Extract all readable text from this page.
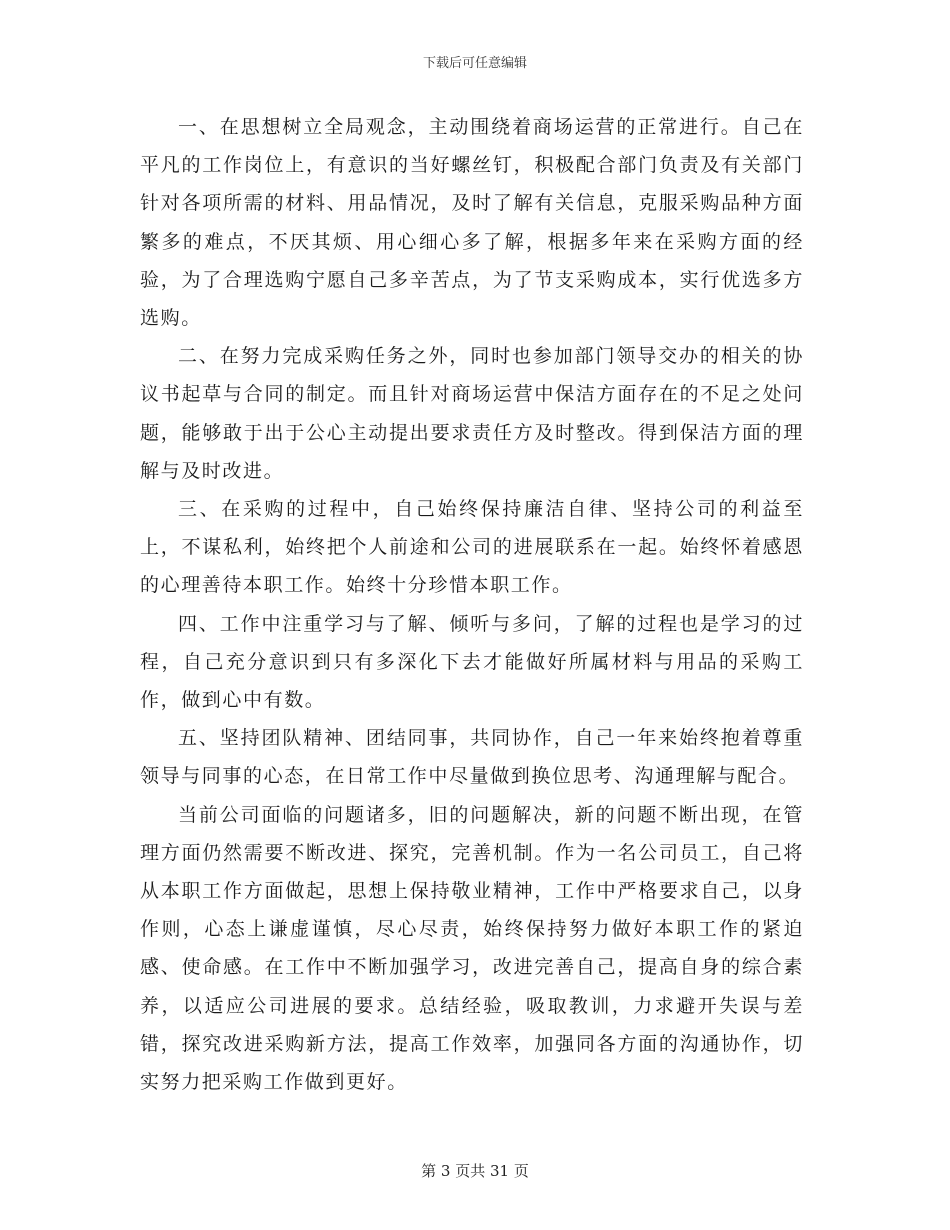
下载后可任意编辑

一、在思想树立全局观念，主动围绕着商场运营的正常进行。自己在平凡的工作岗位上，有意识的当好螺丝钉，积极配合部门负责及有关部门针对各项所需的材料、用品情况，及时了解有关信息，克服采购品种方面繁多的难点，不厌其烦、用心细心多了解，根据多年来在采购方面的经验，为了合理选购宁愿自己多辛苦点，为了节支采购成本，实行优选多方选购。

二、在努力完成采购任务之外，同时也参加部门领导交办的相关的协议书起草与合同的制定。而且针对商场运营中保洁方面存在的不足之处问题，能够敢于出于公心主动提出要求责任方及时整改。得到保洁方面的理解与及时改进。

三、在采购的过程中，自己始终保持廉洁自律、坚持公司的利益至上，不谋私利，始终把个人前途和公司的进展联系在一起。始终怀着感恩的心理善待本职工作。始终十分珍惜本职工作。

四、工作中注重学习与了解、倾听与多问，了解的过程也是学习的过程，自己充分意识到只有多深化下去才能做好所属材料与用品的采购工作，做到心中有数。

五、坚持团队精神、团结同事，共同协作，自己一年来始终抱着尊重领导与同事的心态，在日常工作中尽量做到换位思考、沟通理解与配合。

当前公司面临的问题诸多，旧的问题解决，新的问题不断出现，在管理方面仍然需要不断改进、探究，完善机制。作为一名公司员工，自己将从本职工作方面做起，思想上保持敬业精神，工作中严格要求自己，以身作则，心态上谦虚谨慎，尽心尽责，始终保持努力做好本职工作的紧迫感、使命感。在工作中不断加强学习，改进完善自己，提高自身的综合素养，以适应公司进展的要求。总结经验，吸取教训，力求避开失误与差错，探究改进采购新方法，提高工作效率，加强同各方面的沟通协作，切实努力把采购工作做到更好。

第 3 页共 31 页
